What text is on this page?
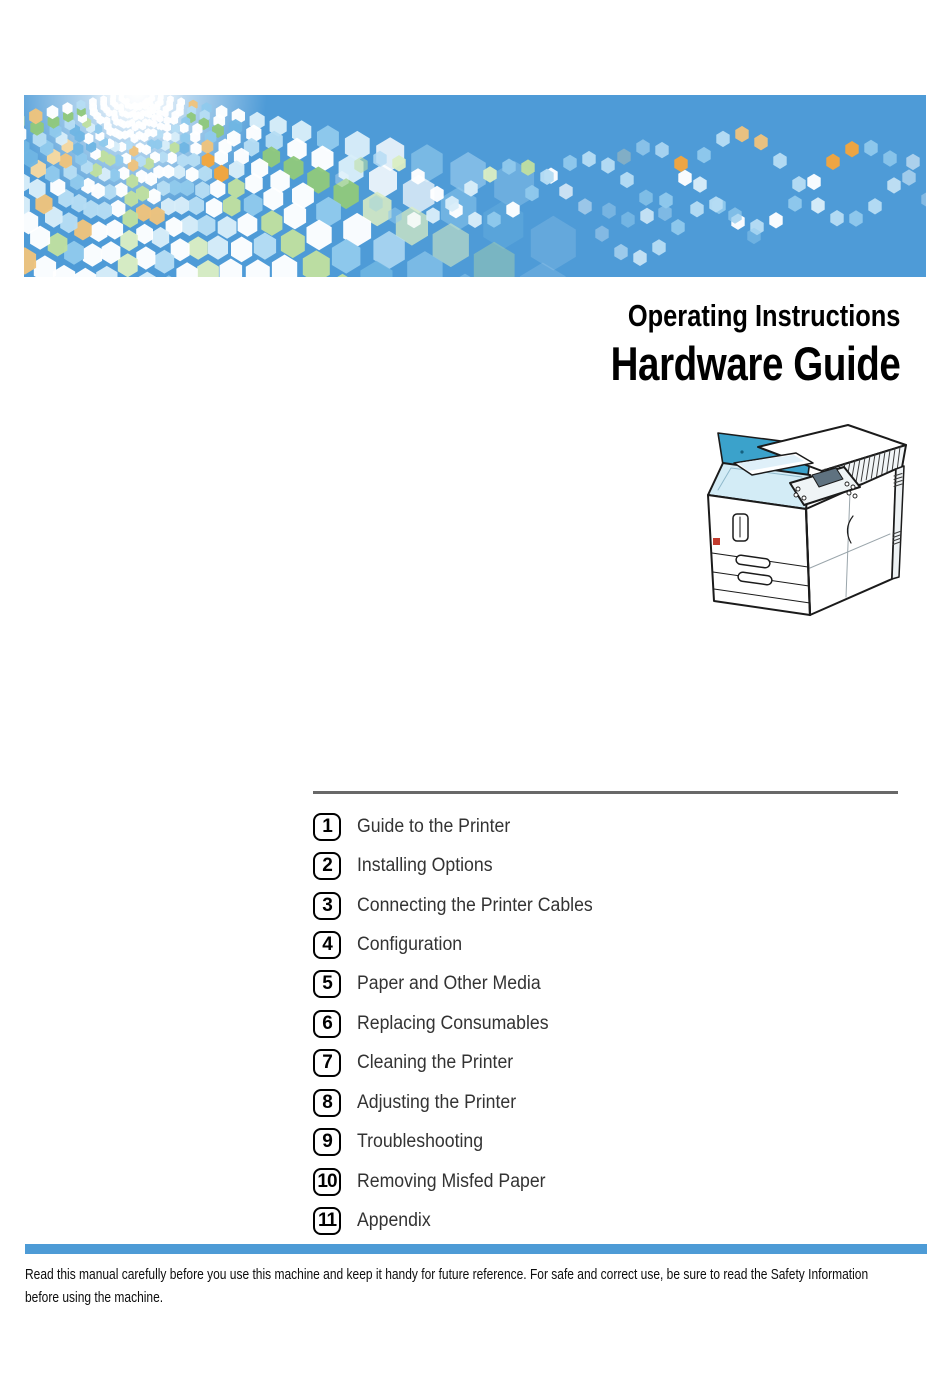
Operating Instructions
Hardware Guide
1	Guide to the Printer
2	Installing Options
3	Connecting the Printer Cables
4	Configuration
5	Paper and Other Media
6	Replacing Consumables
7	Cleaning the Printer
8	Adjusting the Printer
9	Troubleshooting
10 Removing Misfed Paper
11 Appendix
Read this manual carefully before you use this machine and keep it handy for future reference. For safe and correct use, be sure to read the Safety Information
before using the machine.
